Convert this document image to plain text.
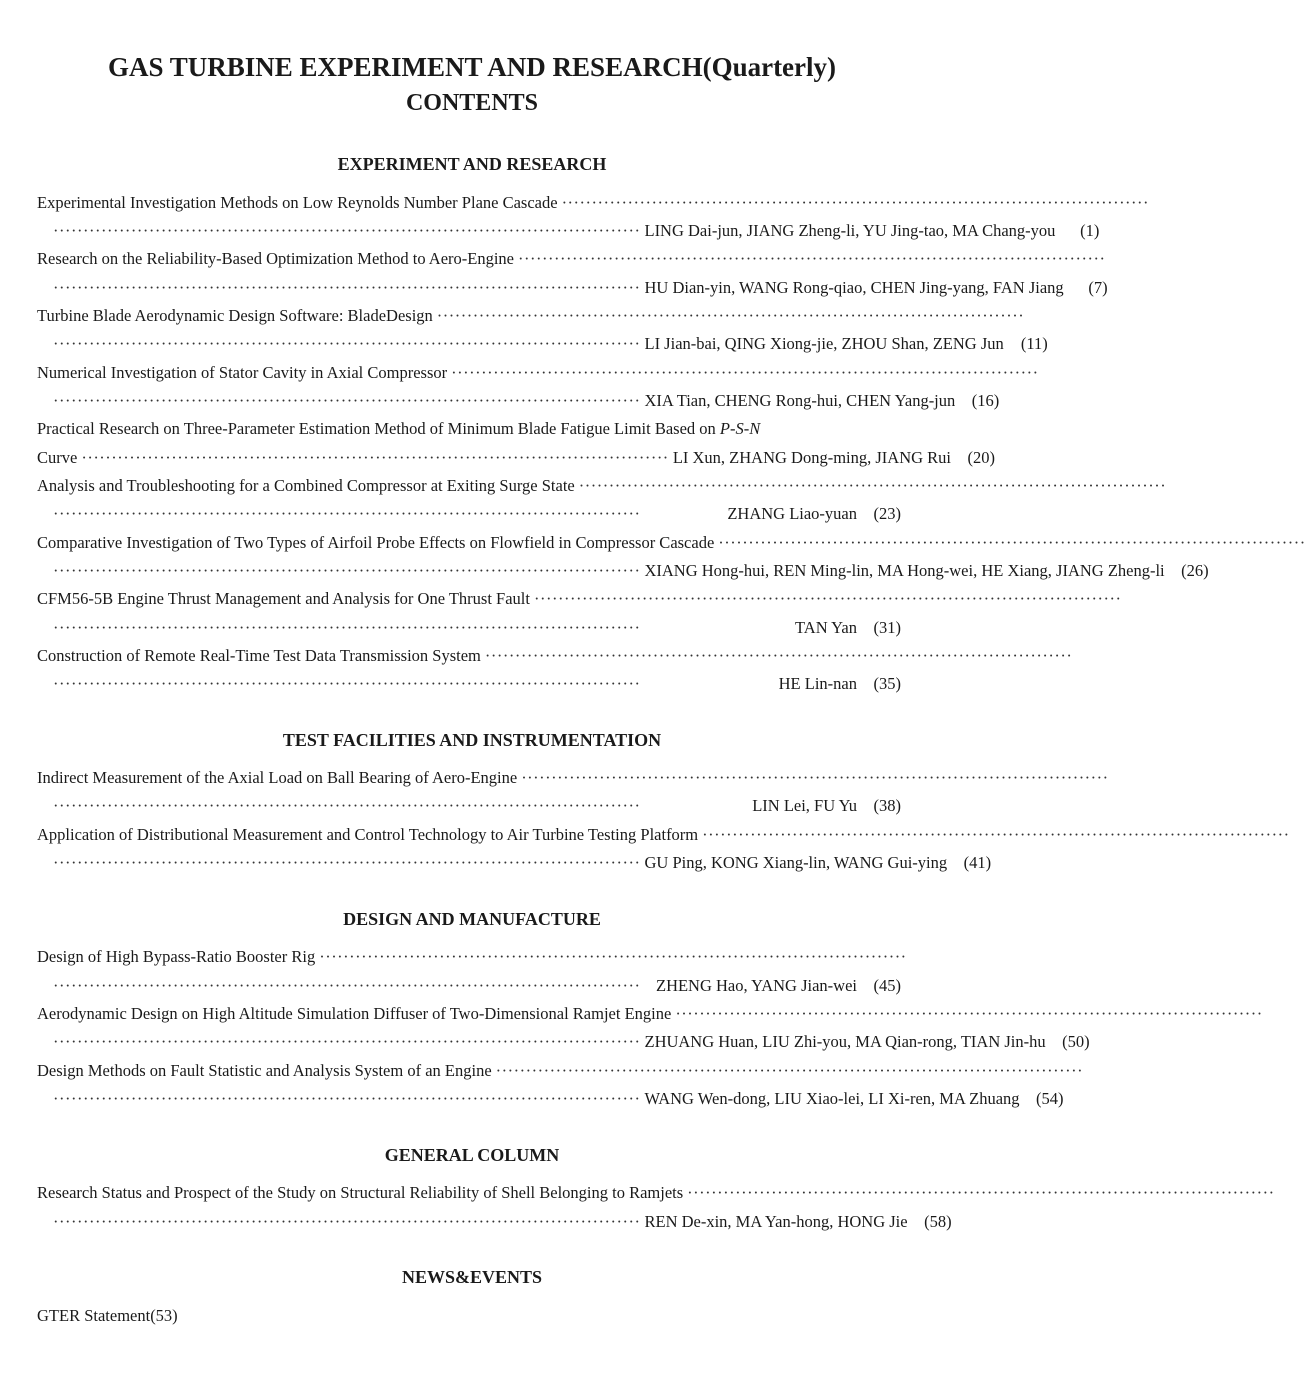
GAS TURBINE EXPERIMENT AND RESEARCH(Quarterly)
CONTENTS
EXPERIMENT AND RESEARCH
Experimental Investigation Methods on Low Reynolds Number Plane Cascade ··································································································
·································································································· LING Dai-jun, JIANG Zheng-li, YU Jing-tao, MA Chang-you	(1)
Research on the Reliability-Based Optimization Method to Aero-Engine ··································································································
·································································································· HU Dian-yin, WANG Rong-qiao, CHEN Jing-yang, FAN Jiang	(7)
Turbine Blade Aerodynamic Design Software: BladeDesign ··································································································
·································································································· LI Jian-bai, QING Xiong-jie, ZHOU Shan, ZENG Jun	(11)
Numerical Investigation of Stator Cavity in Axial Compressor ··································································································
·································································································· XIA Tian, CHENG Rong-hui, CHEN Yang-jun	(16)
Practical Research on Three-Parameter Estimation Method of Minimum Blade Fatigue Limit Based on P-S-N
Curve ·································································································· LI Xun, ZHANG Dong-ming, JIANG Rui	(20)
Analysis and Troubleshooting for a Combined Compressor at Exiting Surge State ··································································································
··································································································	ZHANG Liao-yuan	(23)
Comparative Investigation of Two Types of Airfoil Probe Effects on Flowfield in Compressor Cascade ··································································································
·································································································· XIANG Hong-hui, REN Ming-lin, MA Hong-wei, HE Xiang, JIANG Zheng-li	(26)
CFM56-5B Engine Thrust Management and Analysis for One Thrust Fault ··································································································
··································································································	TAN Yan	(31)
Construction of Remote Real-Time Test Data Transmission System ··································································································
··································································································	HE Lin-nan	(35)
TEST FACILITIES AND INSTRUMENTATION
Indirect Measurement of the Axial Load on Ball Bearing of Aero-Engine ··································································································
··································································································	LIN Lei, FU Yu	(38)
Application of Distributional Measurement and Control Technology to Air Turbine Testing Platform ··································································································
·································································································· GU Ping, KONG Xiang-lin, WANG Gui-ying	(41)
DESIGN AND MANUFACTURE
Design of High Bypass-Ratio Booster Rig ··································································································
·································································································· ZHENG Hao, YANG Jian-wei	(45)
Aerodynamic Design on High Altitude Simulation Diffuser of Two-Dimensional Ramjet Engine ··································································································
·································································································· ZHUANG Huan, LIU Zhi-you, MA Qian-rong, TIAN Jin-hu	(50)
Design Methods on Fault Statistic and Analysis System of an Engine ··································································································
·································································································· WANG Wen-dong, LIU Xiao-lei, LI Xi-ren, MA Zhuang	(54)
GENERAL COLUMN
Research Status and Prospect of the Study on Structural Reliability of Shell Belonging to Ramjets ··································································································
·································································································· REN De-xin, MA Yan-hong, HONG Jie	(58)
NEWS&EVENTS
GTER Statement(53)
